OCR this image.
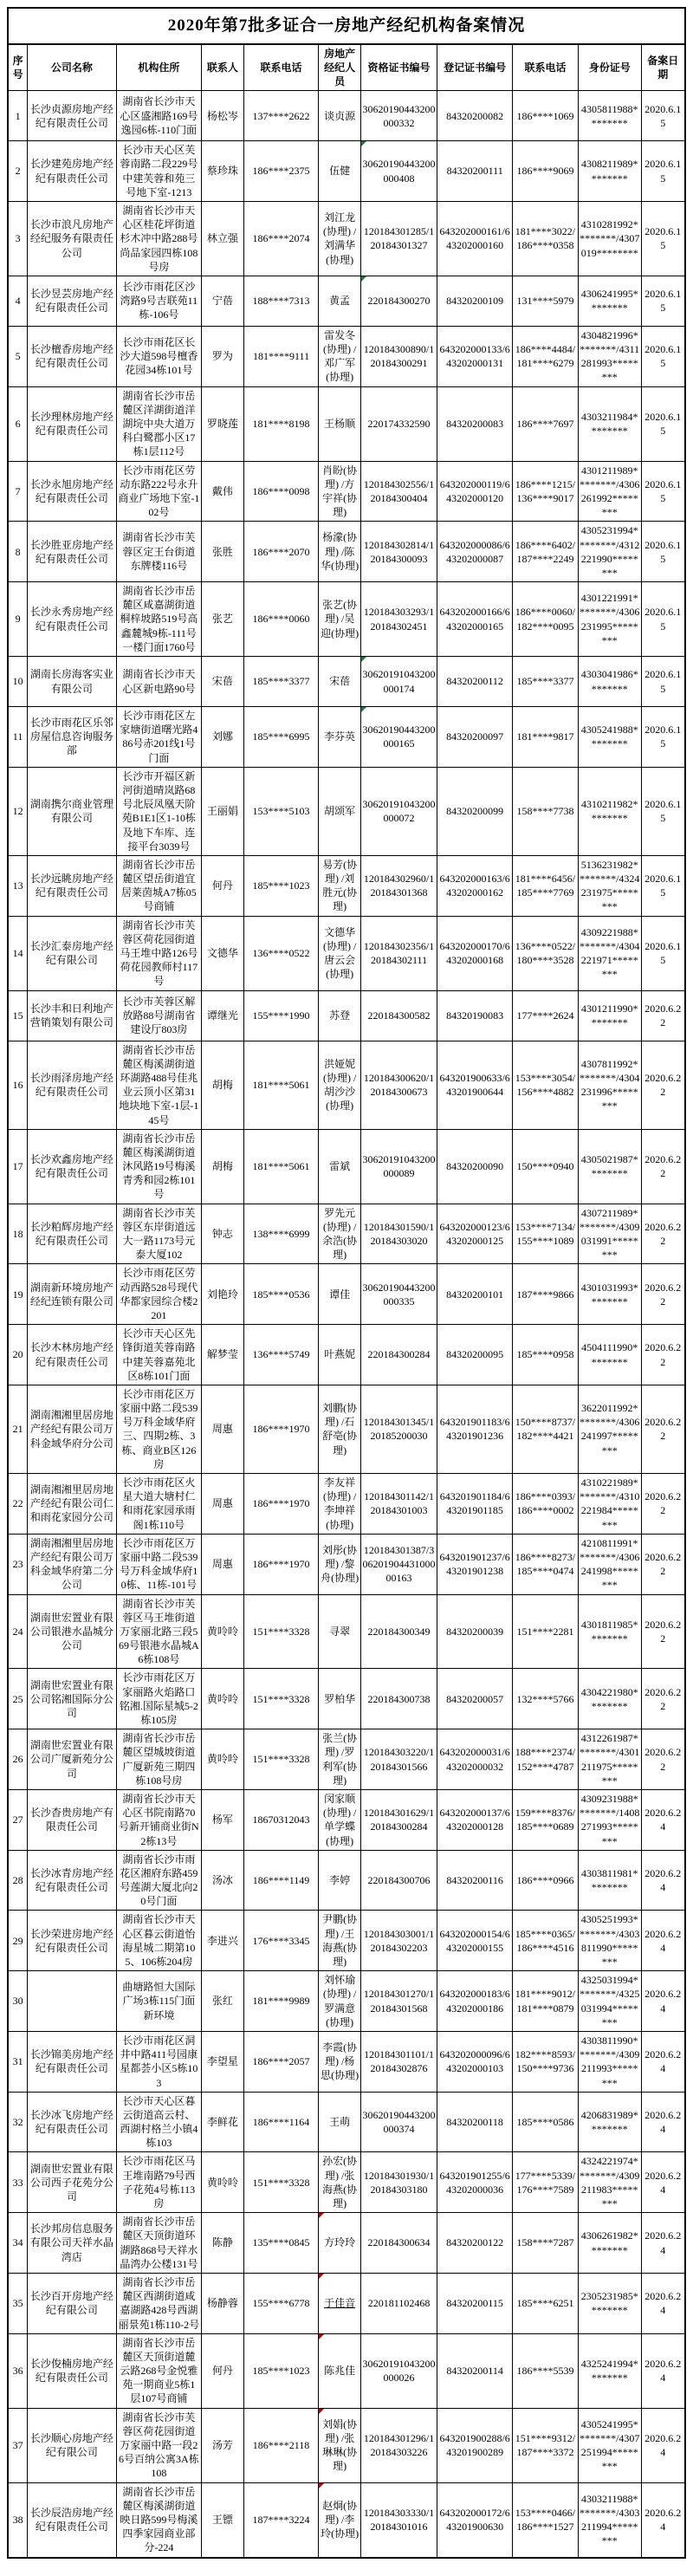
2020年第7批多证合一房地产经纪机构备案情况										
序号	公司名称	机构住所	联系人	联系电话	房地产经纪人员	资格证书编号	登记证书编号	联系电话	身份证号	备案日期
1	长沙贞源房地产经纪有限责任公司	湖南省长沙市天心区盛湘路169号逸园6栋-110门面	杨松岑	137****2622	谈贞源	30620190443200000332	84320200082	186****1069	4305811988********	2020.6.15
2	长沙建苑房地产经纪有限责任公司	长沙市天心区芙蓉南路二段229号中建芙蓉和苑三号地下室-1213	蔡珍珠	186****2375	伍健	30620190443200000408	84320200111	186****9069	4308211989********	2020.6.15
3	长沙市浪凡房地产经纪服务有限责任公司	湖南省长沙市天心区桂花坪街道杉木冲中路288号尚品家园四栋108号房	林立强	186****2074	刘江龙(协理) /刘满华(协理)	120184301285/120184301327	643202000161/643202000160	181****3022/186****0358	4310281992********/4307019********	2020.6.15
4	长沙昱芸房地产经纪有限责任公司	长沙市雨花区沙湾路9号吉联苑11栋-106号	宁蓓	188****7313	黄孟	220184300270	84320200109	131****5979	4306241995********	2020.6.15
5	长沙檀香房地产经纪有限责任公司	长沙市雨花区长沙大道598号檀香花园34栋101号	罗为	181****9111	雷发冬(协理) /邓广军(协理)	120184300890/120184300291	643202000133/643202000131	186****4484/181****6279	4304821996********/4311281993********	2020.6.15
6	长沙理林房地产经纪有限责任公司	湖南省长沙市岳麓区洋湖街道洋湖垸中央大道万科白鹭郡小区17栋1层112号	罗晓莲	181****8198	王杨顺	220174332590	84320200083	186****7697	4303211984********	2020.6.15
7	长沙永旭房地产经纪有限责任公司	长沙市雨花区劳动东路222号永升商业广场地下室-102号	戴伟	186****0098	肖盼(协理) /方宇祥(协理)	120184302556/120184300404	643202000119/643202000120	186****1215/136****9017	4301211989********/4306261992********	2020.6.15
8	长沙胜亚房地产经纪有限责任公司	湖南省长沙市芙蓉区定王台街道东牌楼116号	张胜	186****2070	杨濛(协理) /陈华(协理)	120184302814/120184300093	643202000086/643202000087	186****6402/187****2249	4305231994********/4312221990********	2020.6.15
9	长沙永秀房地产经纪有限责任公司	湖南省长沙市岳麓区咸嘉湖街道桐梓坡路519号高鑫麓城9栋-111号一楼门面1760号	张艺	186****0060	张艺(协理) /吴迎(协理)	120184303293/120184302451	643202000166/643202000165	186****0060/182****0095	4301221991********/4306231995********	2020.6.15
10	湖南长房海客实业有限公司	湖南省长沙市天心区新电路90号	宋蓓	185****3377	宋蓓	30620191043200000174	84320200112	185****3377	4303041986********	2020.6.15
11	长沙市雨花区乐邻房屋信息咨询服务部	长沙市雨花区左家塘街道曙光路486号赤201线1号门面	刘娜	185****6995	李芬英	30620190443200000165	84320200097	181****9817	4305241988********	2020.6.15
12	湖南携尔商业管理有限公司	长沙市开福区新河街道晴岚路68号北辰凤凰天阶苑B1E1区1-10栋及地下车库、连接平台3039号	王丽娟	153****5103	胡颂军	30620191043200000072	84320200099	158****7738	4310211982********	2020.6.15
13	长沙远眺房地产经纪有限责任公司	湖南省长沙市岳麓区望岳街道宜居莱茵城A7栋05号商铺	何丹	185****1023	易芳(协理) /刘胜元(协理)	120184302960/120184301368	643202000163/643202000162	181****6456/185****7769	5136231982********/4324231975********	2020.6.15
14	长沙汇泰房地产经纪有限公司	湖南省长沙市芙蓉区荷花园街道马王堆中路126号荷花园教师村117号	文德华	136****0522	文德华(协理) /唐云会(协理)	120184302356/120184302111	643202000170/643202000168	136****0522/180****3528	4309221988********/4304221971********	2020.6.15
15	长沙丰和日利地产营销策划有限公司	长沙市芙蓉区解放路88号湖南省建设厅803房	谭继光	155****1990	苏登	220184300582	84320190083	177****2624	4301211990********	2020.6.22
16	长沙雨泽房地产经纪有限责任公司	湖南省长沙市岳麓区梅溪湖街道环湖路488号佳兆业云顶小区第31地块地下室-1层-145号	胡梅	181****5061	洪娅妮(协理) /胡沙沙(协理)	120184300620/120184300673	643201900633/643201900644	153****3054/156****4882	4307811992********/4304231996********	2020.6.22
17	长沙欢鑫房地产经纪有限责任公司	湖南省长沙市岳麓区梅溪湖街道沐风路19号梅溪青秀和园2栋101号	胡梅	181****5061	雷斌	30620191043200000089	84320200090	150****0940	4305021987********	2020.6.22
18	长沙粕辉房地产经纪有限责任公司	湖南省长沙市芙蓉区东岸街道远大一路1173号元泰大厦102	钟志	138****6999	罗先元(协理) /余浩(协理)	120184301590/120184303020	643202000123/643202000125	153****7134/155****1089	4307211989********/4309031991********	2020.6.22
19	湖南新环境房地产经纪连锁有限公司	长沙市雨花区劳动西路528号现代华都家园综合楼2201	刘艳玲	185****0536	谭佳	30620190443200000335	84320200101	187****9866	4301031993********	2020.6.22
20	长沙木林房地产经纪有限责任公司	长沙市天心区先锋街道芙蓉南路中建芙蓉嘉苑北区8栋101门面	解梦莹	136****5749	叶燕妮	220184300284	84320200095	185****0958	4504111990********	2020.6.22
21	湖南湘湘里居房地产经纪有限公司万科金域华府分公司	长沙市雨花区万家丽中路二段539号万科金域华府三、四期2栋、3栋、商业B区126房	周惠	186****1970	刘鹏(协理) /石舒亳(协理)	120184301345/120185200030	643201901183/643201901236	150****8737/182****4421	3622011992********/4306241997********	2020.6.22
22	湖南湘湘里居房地产经纪有限公司仁和雨花家园分公司	长沙市雨花区火星大道大塘村仁和雨花家园承雨阁1栋110号	周惠	186****1970	李友祥(协理) /李坤祥(协理)	120184301142/120184301003	643201901184/643201901185	186****0393/186****0002	4310221989********/4310221984********	2020.6.22
23	湖南湘湘里居房地产经纪有限公司万科金域华府第二分公司	长沙市雨花区万家丽中路二段539号万科金域华府10栋、11栋-101号	周惠	186****1970	刘彤(协理) /黎舟(协理)	120184301387/30620190443100000163	643201901237/643201901238	186****8273/185****0474	4210811991********/4306241998********	2020.6.22
24	湖南世宏置业有限公司银港水晶城分公司	湖南省长沙市芙蓉区马王堆街道万家丽北路三段569号银港水晶城A6栋108号	黄呤呤	151****3328	寻翠	220184300349	84320200039	151****2281	4301811985********	2020.6.22
25	湖南世宏置业有限公司铭湘国际分公司	长沙市雨花区万家丽路火焰路口铭湘.国际星城5-2栋105房	黄呤呤	151****3328	罗柏华	220184300738	84320200057	132****5766	4304221980********	2020.6.22
26	湖南世宏置业有限公司广厦新苑分公司	湖南省长沙市岳麓区望城坡街道广厦新苑三期四栋108号房	黄呤呤	151****3328	张兰(协理) /罗利军(协理)	120184303220/120184301566	643202000031/643202000032	188****2374/152****4787	4312261987********/4301211975********	2020.6.22
27	长沙杳贵房地产有限责任公司	湖南省长沙市天心区书院南路70号新开铺商业街N2栋13号	杨军	18670312043	闵家顺(协理) /单学蝶(协理)	120184301629/120184300284	643202000137/643202000128	159****8376/185****0689	4309231988********/1408271993********	2020.6.24
28	长沙冰青房地产经纪有限责任公司	湖南省长沙市雨花区湘府东路459号莲湖大厦北向20号门面	汤冰	186****1149	李婷	220184300706	84320200116	186****0966	4303811981********	2020.6.24
29	长沙荣进房地产经纪有限责任公司	湖南省长沙市天心区暮云街道怡海星城二期第105、106栋204房	李进兴	176****3345	尹鹏(协理) /王海燕(协理)	120184303001/120184302203	643202000154/643202000155	185****0365/186****4516	4305251993********/4303811990********	2020.6.24
30		曲塘路恒大国际广场3栋115门面 新环境	张红	181****9989	刘怀瑜(协理) /罗满意(协理)	120184301270/120184301568	643202000183/643202000186	181****9012/181****0879	4325031994********/4325031994********	2020.6.24
31	长沙锦美房地产经纪有限责任公司	长沙市雨花区洞井中路411号园康星都荟小区5栋103	李望星	186****2057	李霞(协理) /杨思(协理)	120184301101/120184302876	643202000096/643202000103	182****8593/150****9736	4303811990********/4309211993********	2020.6.24
32	长沙冰飞房地产经纪有限责任公司	长沙市天心区暮云街道高云村、西湖村格兰小镇4栋103	李鲜花	186****1164	王萌	30620190443200000374	84320200118	185****0586	4206831989********	2020.6.24
33	湖南世宏置业有限公司西子花苑分公司	长沙市雨花区马王堆南路79号西子花苑4号栋113房	黄呤呤	151****3328	孙宏(协理) /张海燕(协理)	120184301930/120184303180	643201901255/643202000036	177****5339/176****7589	4324221974********/4309211983********	2020.6.24
34	长沙邦房信息服务有限公司天祥水晶湾店	湖南省长沙市岳麓区天顶街道环湖路868号天祥水晶湾办公楼131号	陈静	135****0845	方玲玲	220184300634	84320200122	158****7287	4306261982********	2020.6.24
35	长沙百开房地产经纪有限公司	湖南省长沙市岳麓区西湖街道咸嘉湖路428号西湖丽景苑1栋110-2号	杨静蓉	155****6778	于佳音	220181102468	84320200115	185****6251	2305231985********	2020.6.24
36	长沙俊楠房地产经纪有限责任公司	湖南省长沙市岳麓区天顶街道麓云路268号金悦雅苑一期商业5栋1层107号商铺	何丹	185****1023	陈兆佳	30620191043200000026	84320200114	186****5539	4325241994********	2020.6.24
37	长沙顺心房地产经纪有限公司	湖南省长沙市芙蓉区荷花园街道万家丽中路一段26号百纳公寓3A栋108	汤芳	186****2118	刘娟(协理) /张琳琳(协理)	120184301296/120184303226	643201900288/643201900289	151****9312/187****3372	4305241995********/4307251994********	2020.6.24
38	长沙辰浩房地产经纪有限责任公司	湖南省长沙市岳麓区梅溪湖街道映日路599号梅溪四季家园商业部分-224	王镖	187****3224	赵炯(协理) /李玲(协理)	120184303330/120184301016	643202000172/643201900630	153****0466/186****1527	4303211988********/4303211994********	2020.6.24
